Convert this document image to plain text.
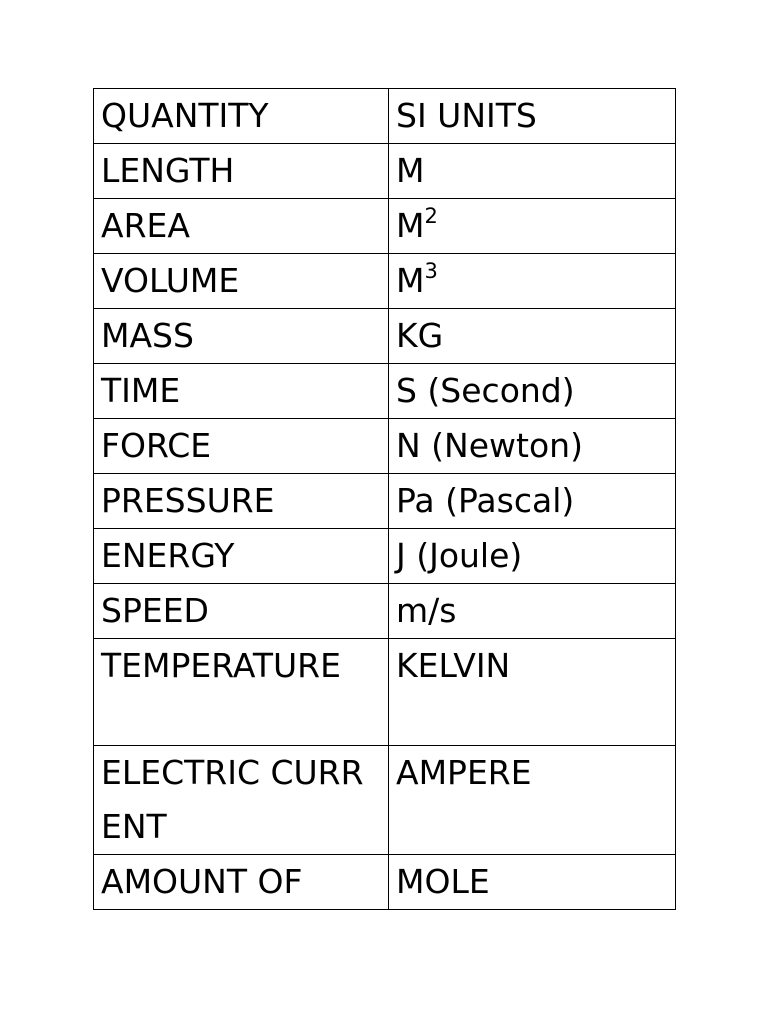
QUANTITY	SI UNITS
LENGTH	M
AREA	$M^2$
VOLUME	$M^3$
MASS	KG
TIME	S (Second)
FORCE	N (Newton)
PRESSURE	Pa (Pascal)
ENERGY	J (Joule)
SPEED	m/s
TEMPERATURE	KELVIN
ELECTRIC CURRENT	AMPERE
AMOUNT OF	MOLE
